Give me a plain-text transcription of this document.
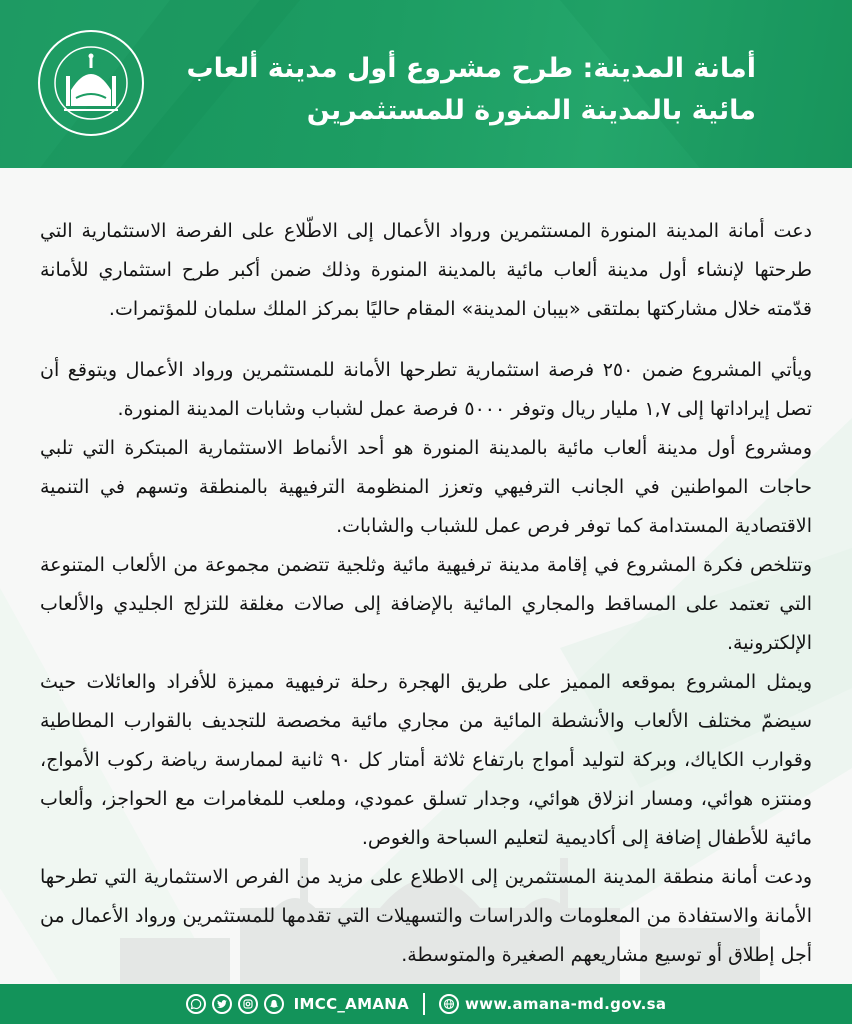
أمانة المدينة: طرح مشروع أول مدينة ألعاب
مائية بالمدينة المنورة للمستثمرين

دعت أمانة المدينة المنورة المستثمرين ورواد الأعمال إلى الاطّلاع على الفرصة الاستثمارية التي طرحتها لإنشاء أول مدينة ألعاب مائية بالمدينة المنورة وذلك ضمن أكبر طرح استثماري للأمانة قدّمته خلال مشاركتها بملتقى «بيبان المدينة» المقام حاليًا بمركز الملك سلمان للمؤتمرات.

ويأتي المشروع ضمن ٢٥٠ فرصة استثمارية تطرحها الأمانة للمستثمرين ورواد الأعمال ويتوقع أن تصل إيراداتها إلى ١,٧ مليار ريال وتوفر ٥٠٠٠ فرصة عمل لشباب وشابات المدينة المنورة.

ومشروع أول مدينة ألعاب مائية بالمدينة المنورة هو أحد الأنماط الاستثمارية المبتكرة التي تلبي حاجات المواطنين في الجانب الترفيهي وتعزز المنظومة الترفيهية بالمنطقة وتسهم في التنمية الاقتصادية المستدامة كما توفر فرص عمل للشباب والشابات.

وتتلخص فكرة المشروع في إقامة مدينة ترفيهية مائية وثلجية تتضمن مجموعة من الألعاب المتنوعة التي تعتمد على المساقط والمجاري المائية بالإضافة إلى صالات مغلقة للتزلج الجليدي والألعاب الإلكترونية.

ويمثل المشروع بموقعه المميز على طريق الهجرة رحلة ترفيهية مميزة للأفراد والعائلات حيث سيضمّ مختلف الألعاب والأنشطة المائية من مجاري مائية مخصصة للتجديف بالقوارب المطاطية وقوارب الكاياك، وبركة لتوليد أمواج بارتفاع ثلاثة أمتار كل ٩٠ ثانية لممارسة رياضة ركوب الأمواج، ومنتزه هوائي، ومسار انزلاق هوائي، وجدار تسلق عمودي، وملعب للمغامرات مع الحواجز، وألعاب مائية للأطفال إضافة إلى أكاديمية لتعليم السباحة والغوص.

ودعت أمانة منطقة المدينة المستثمرين إلى الاطلاع على مزيد من الفرص الاستثمارية التي تطرحها الأمانة والاستفادة من المعلومات والدراسات والتسهيلات التي تقدمها للمستثمرين ورواد الأعمال من أجل إطلاق أو توسيع مشاريعهم الصغيرة والمتوسطة.

IMCC_AMANA	www.amana-md.gov.sa
